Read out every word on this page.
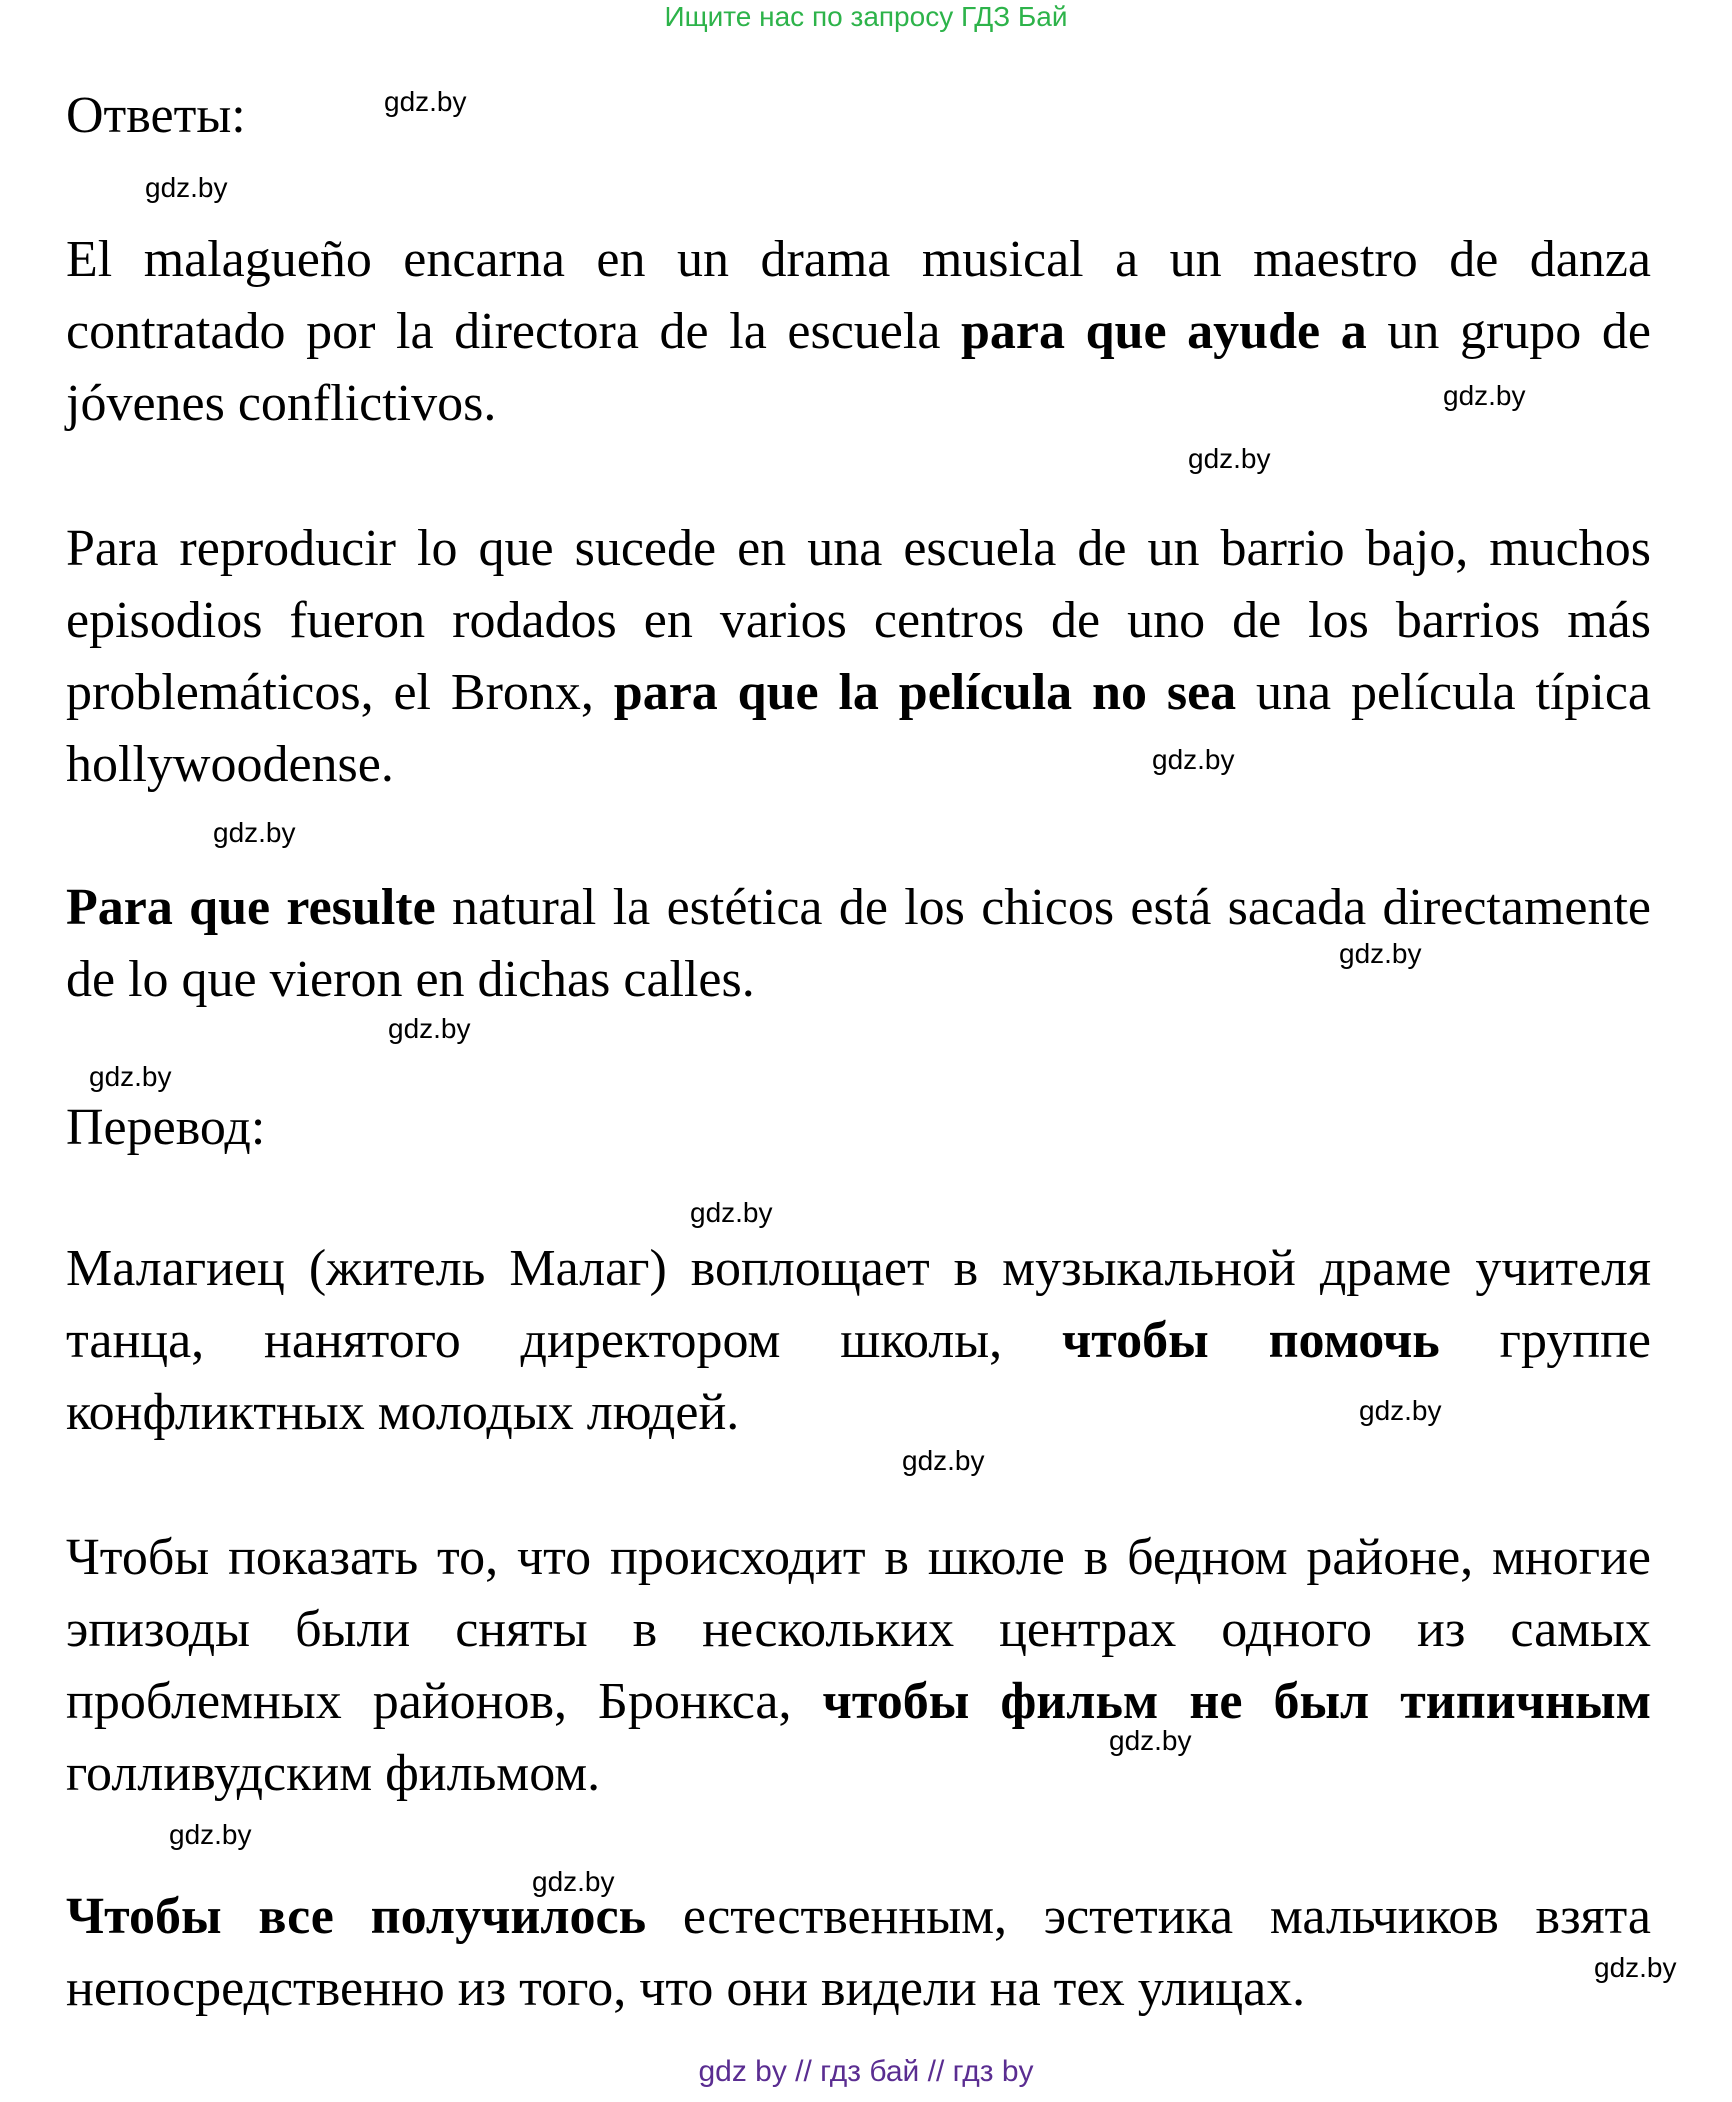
Ищите нас по запросу ГДЗ Бай
Ответы:

El malagueño encarna en un drama musical a un maestro de danza contratado por la directora de la escuela para que ayude a un grupo de jóvenes conflictivos.

Para reproducir lo que sucede en una escuela de un barrio bajo, muchos episodios fueron rodados en varios centros de uno de los barrios más problemáticos, el Bronx, para que la película no sea una película típica hollywoodense.

Para que resulte natural la estética de los chicos está sacada directamente de lo que vieron en dichas calles.

Перевод:

Малагиец (житель Малаг) воплощает в музыкальной драме учителя танца, нанятого директором школы, чтобы помочь группе конфликтных молодых людей.

Чтобы показать то, что происходит в школе в бедном районе, многие эпизоды были сняты в нескольких центрах одного из самых проблемных районов, Бронкса, чтобы фильм не был типичным голливудским фильмом.

Чтобы все получилось естественным, эстетика мальчиков взята непосредственно из того, что они видели на тех улицах.

gdz.by
gdz.by
gdz.by
gdz.by
gdz.by
gdz.by
gdz.by
gdz.by
gdz.by
gdz.by
gdz.by
gdz.by
gdz.by
gdz.by
gdz.by
gdz.by
gdz by // гдз бай // гдз by
